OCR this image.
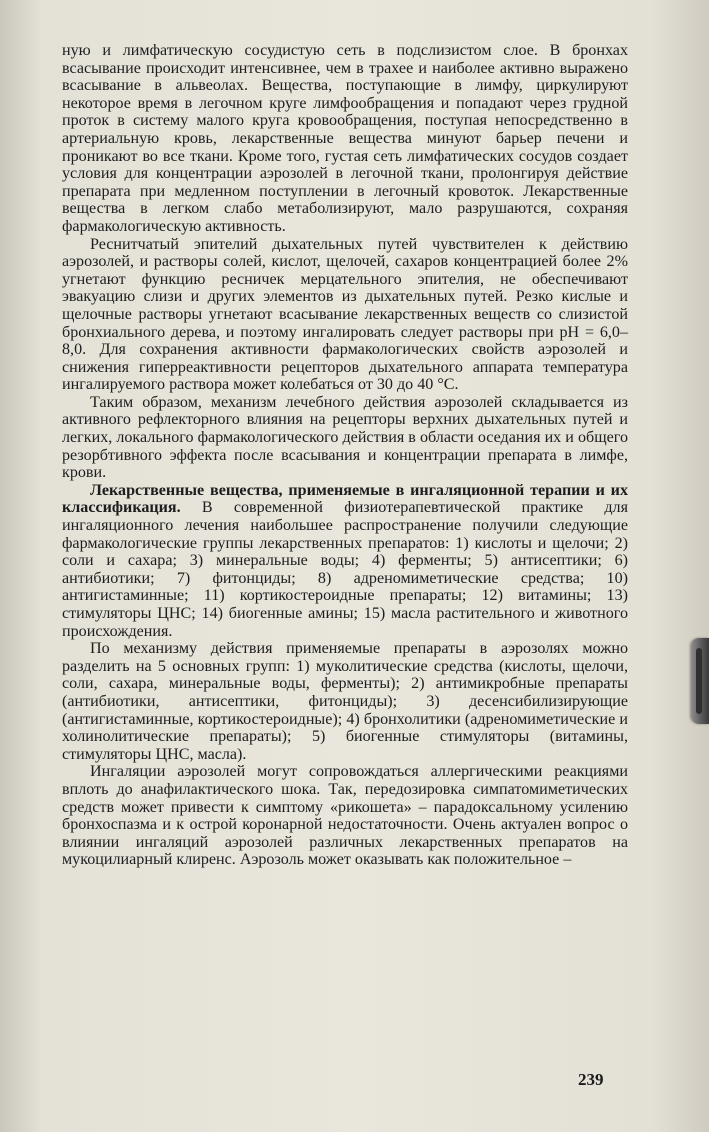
ную и лимфатическую сосудистую сеть в подслизистом слое. В бронхах всасывание происходит интенсивнее, чем в трахее и наиболее активно выражено всасывание в альвеолах. Вещества, поступающие в лимфу, циркулируют некоторое время в легочном круге лимфообращения и попадают через грудной проток в систему малого круга кровообращения, поступая непосредственно в артериальную кровь, лекарственные вещества минуют барьер печени и проникают во все ткани. Кроме того, густая сеть лимфатических сосудов создает условия для концентрации аэрозолей в легочной ткани, пролонгируя действие препарата при медленном поступлении в легочный кровоток. Лекарственные вещества в легком слабо метаболизируют, мало разрушаются, сохраняя фармакологическую активность.

Реснитчатый эпителий дыхательных путей чувствителен к действию аэрозолей, и растворы солей, кислот, щелочей, сахаров концентрацией более 2% угнетают функцию ресничек мерцательного эпителия, не обеспечивают эвакуацию слизи и других элементов из дыхательных путей. Резко кислые и щелочные растворы угнетают всасывание лекарственных веществ со слизистой бронхиального дерева, и поэтому ингалировать следует растворы при pH = 6,0–8,0. Для сохранения активности фармакологических свойств аэрозолей и снижения гиперреактивности рецепторов дыхательного аппарата температура ингалируемого раствора может колебаться от 30 до 40 °С.

Таким образом, механизм лечебного действия аэрозолей складывается из активного рефлекторного влияния на рецепторы верхних дыхательных путей и легких, локального фармакологического действия в области оседания их и общего резорбтивного эффекта после всасывания и концентрации препарата в лимфе, крови.

Лекарственные вещества, применяемые в ингаляционной терапии и их классификация. В современной физиотерапевтической практике для ингаляционного лечения наибольшее распространение получили следующие фармакологические группы лекарственных препаратов: 1) кислоты и щелочи; 2) соли и сахара; 3) минеральные воды; 4) ферменты; 5) антисептики; 6) антибиотики; 7) фитонциды; 8) адреномиметические средства; 10) антигистаминные; 11) кортикостероидные препараты; 12) витамины; 13) стимуляторы ЦНС; 14) биогенные амины; 15) масла растительного и животного происхождения.

По механизму действия применяемые препараты в аэрозолях можно разделить на 5 основных групп: 1) муколитические средства (кислоты, щелочи, соли, сахара, минеральные воды, ферменты); 2) антимикробные препараты (антибиотики, антисептики, фитонциды); 3) десенсибилизирующие (антигистаминные, кортикостероидные); 4) бронхолитики (адреномиметические и холинолитические препараты); 5) биогенные стимуляторы (витамины, стимуляторы ЦНС, масла).

Ингаляции аэрозолей могут сопровождаться аллергическими реакциями вплоть до анафилактического шока. Так, передозировка симпатомиметических средств может привести к симптому «рикошета» – парадоксальному усилению бронхоспазма и к острой коронарной недостаточности. Очень актуален вопрос о влиянии ингаляций аэрозолей различных лекарственных препаратов на мукоцилиарный клиренс. Аэрозоль может оказывать как положительное –

239
